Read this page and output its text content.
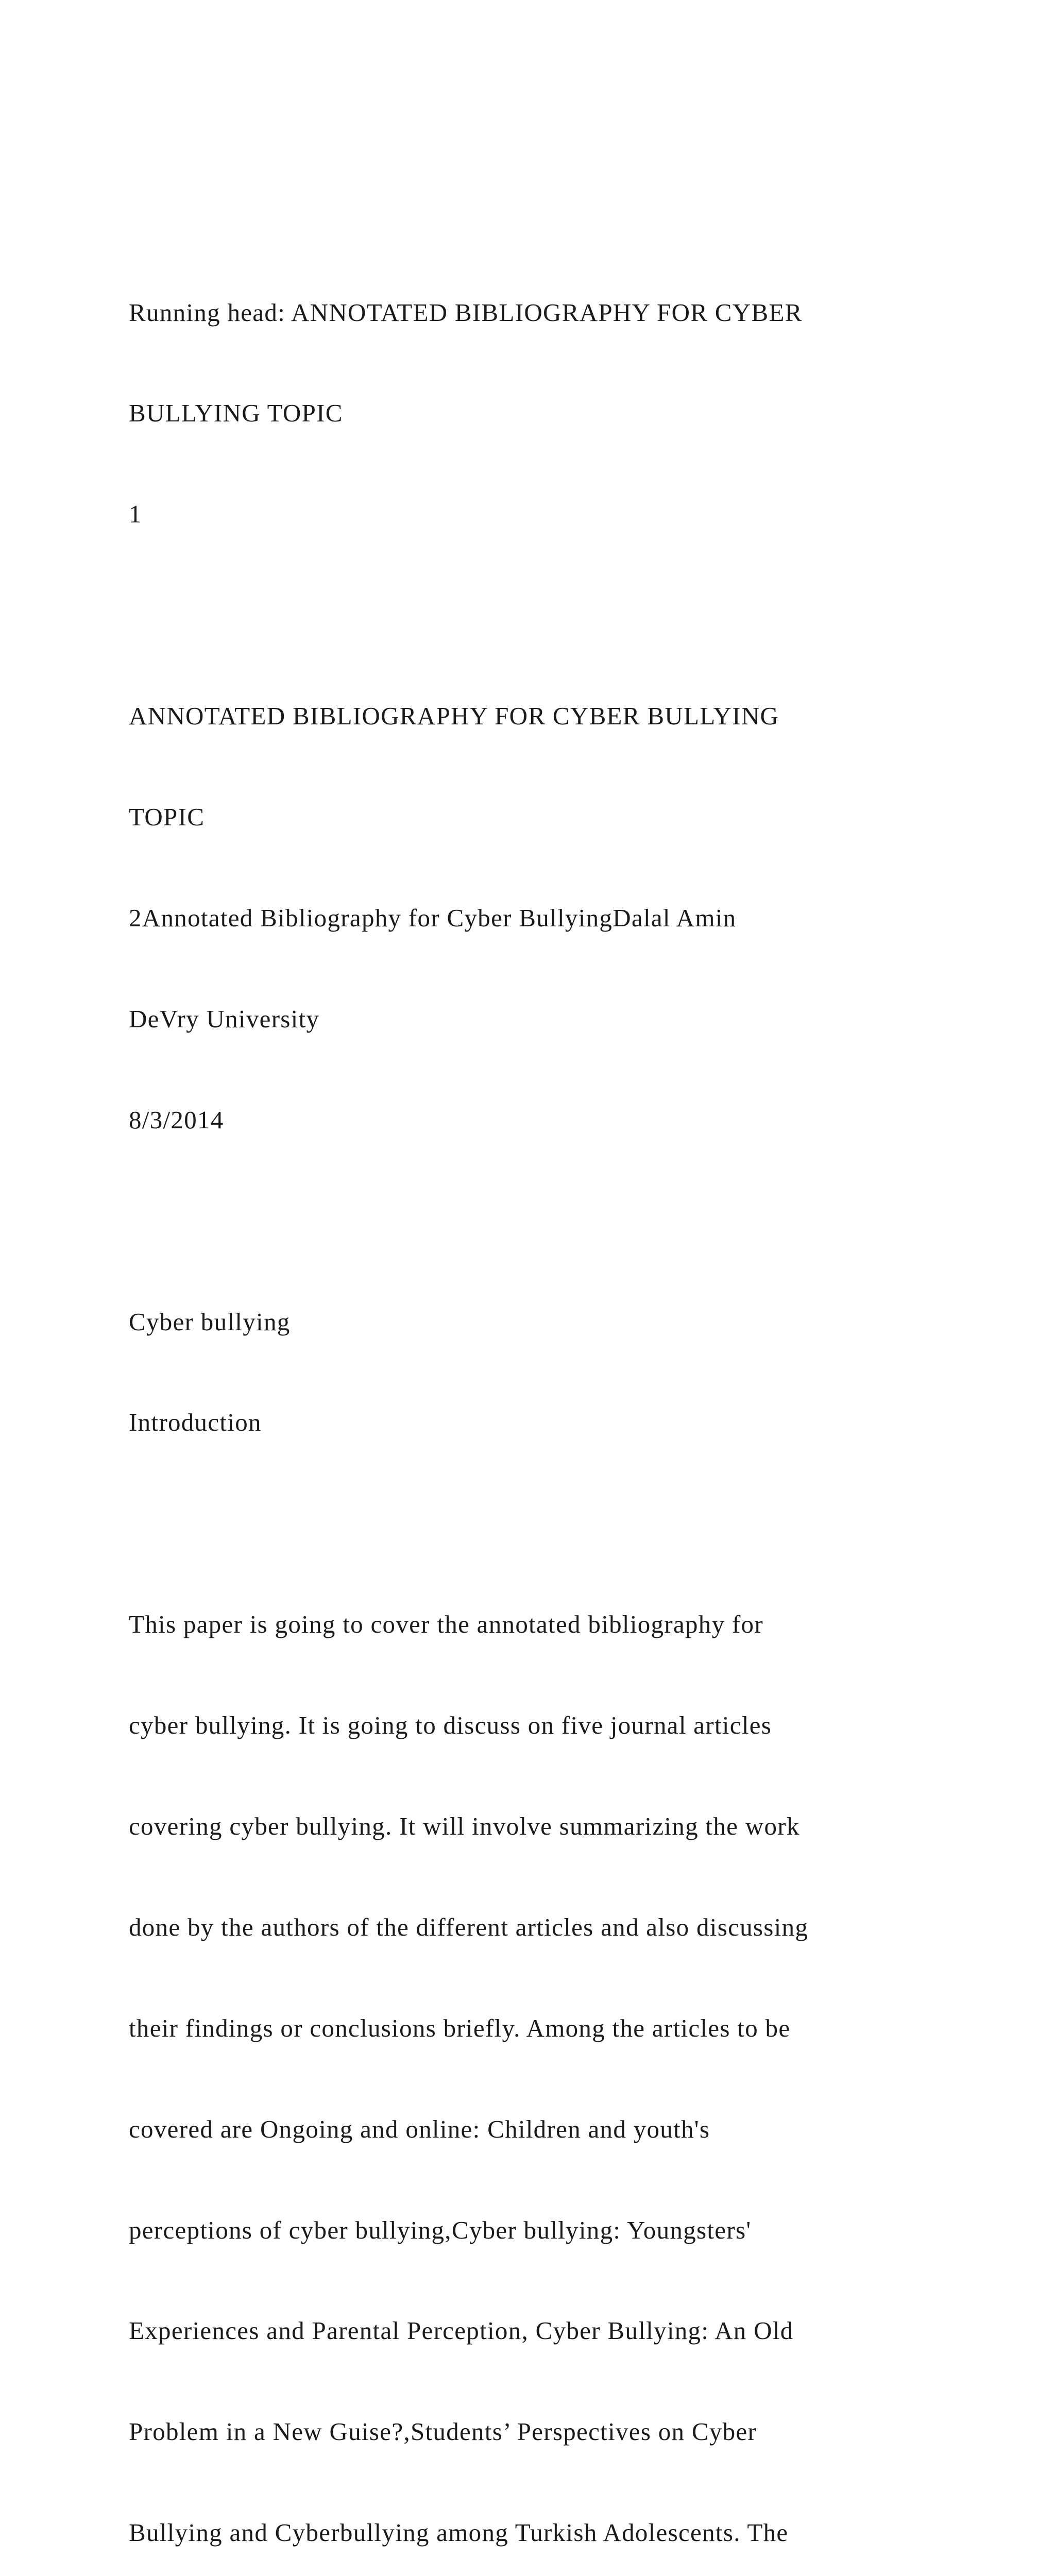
Running head: ANNOTATED BIBLIOGRAPHY FOR CYBER

BULLYING TOPIC

1

ANNOTATED BIBLIOGRAPHY FOR CYBER BULLYING

TOPIC

2Annotated Bibliography for Cyber BullyingDalal Amin

DeVry University

8/3/2014

Cyber bullying

Introduction

This paper is going to cover the annotated bibliography for

cyber bullying. It is going to discuss on five journal articles

covering cyber bullying. It will involve summarizing the work

done by the authors of the different articles and also discussing

their findings or conclusions briefly. Among the articles to be

covered are Ongoing and online: Children and youth's

perceptions of cyber bullying,Cyber bullying: Youngsters'

Experiences and Parental Perception, Cyber Bullying: An Old

Problem in a New Guise?,Students’ Perspectives on Cyber

Bullying and Cyberbullying among Turkish Adolescents. The
